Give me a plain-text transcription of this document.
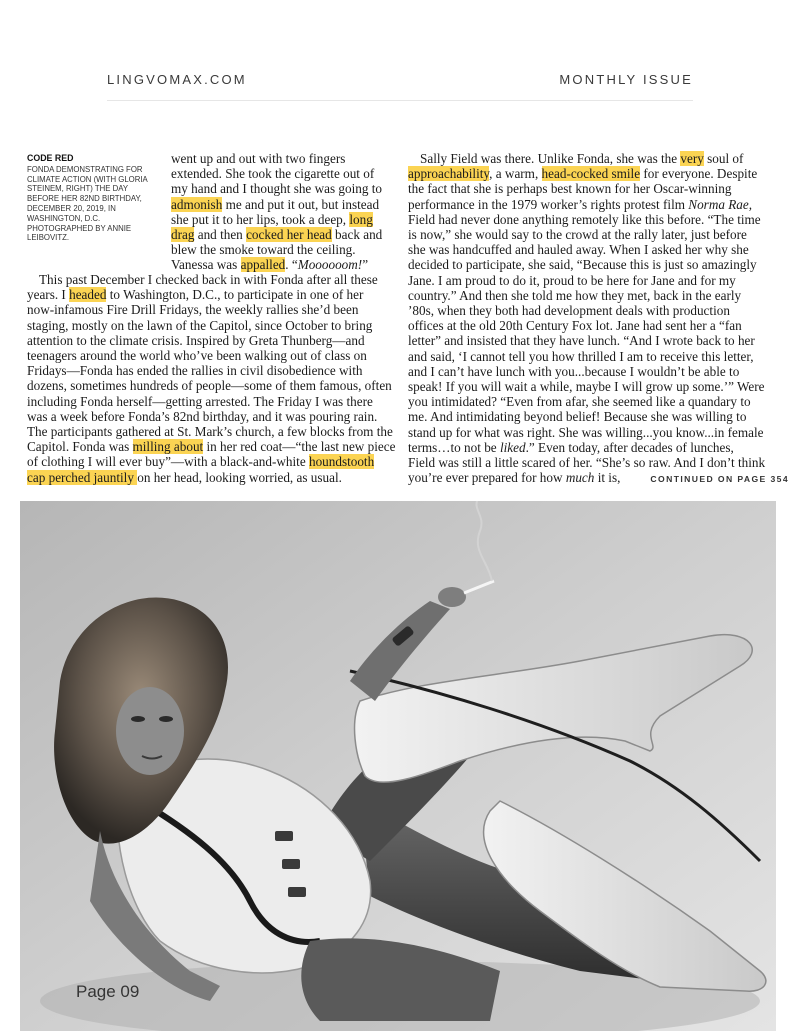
LINGVOMAX.COM	MONTHLY ISSUE
CODE RED
FONDA DEMONSTRATING FOR CLIMATE ACTION (WITH GLORIA STEINEM, RIGHT) THE DAY BEFORE HER 82ND BIRTHDAY, DECEMBER 20, 2019, IN WASHINGTON, D.C. PHOTOGRAPHED BY ANNIE LEIBOVITZ.
went up and out with two fingers
extended. She took the cigarette out of
my hand and I thought she was going to
admonish me and put it out, but instead
she put it to her lips, took a deep, long
drag and then cocked her head back and
blew the smoke toward the ceiling.
Vanessa was appalled. “Moooooom!”
This past December I checked back in with Fonda after all these
years. I headed to Washington, D.C., to participate in one of her
now-infamous Fire Drill Fridays, the weekly rallies she’d been
staging, mostly on the lawn of the Capitol, since October to bring
attention to the climate crisis. Inspired by Greta Thunberg—and
teenagers around the world who’ve been walking out of class on
Fridays—Fonda has ended the rallies in civil disobedience with
dozens, sometimes hundreds of people—some of them famous, often
including Fonda herself—getting arrested. The Friday I was there
was a week before Fonda’s 82nd birthday, and it was pouring rain.
The participants gathered at St. Mark’s church, a few blocks from the
Capitol. Fonda was milling about in her red coat—“the last new piece
of clothing I will ever buy”—with a black-and-white houndstooth
cap perched jauntily on her head, looking worried, as usual.
Sally Field was there. Unlike Fonda, she was the very soul of
approachability, a warm, head-cocked smile for everyone. Despite
the fact that she is perhaps best known for her Oscar-winning
performance in the 1979 worker’s rights protest film Norma Rae,
Field had never done anything remotely like this before. “The time
is now,” she would say to the crowd at the rally later, just before
she was handcuffed and hauled away. When I asked her why she
decided to participate, she said, “Because this is just so amazingly
Jane. I am proud to do it, proud to be here for Jane and for my
country.” And then she told me how they met, back in the early
’80s, when they both had development deals with production
offices at the old 20th Century Fox lot. Jane had sent her a “fan
letter” and insisted that they have lunch. “And I wrote back to her
and said, ‘I cannot tell you how thrilled I am to receive this letter,
and I can’t have lunch with you...because I wouldn’t be able to
speak! If you will wait a while, maybe I will grow up some.’” Were
you intimidated? “Even from afar, she seemed like a quandary to
me. And intimidating beyond belief! Because she was willing to
stand up for what was right. She was willing...you know...in female
terms…to not be liked.” Even today, after decades of lunches,
Field was still a little scared of her. “She’s so raw. And I don’t think
you’re ever prepared for how much it is,	CONTINUED ON PAGE 354
Page 09
